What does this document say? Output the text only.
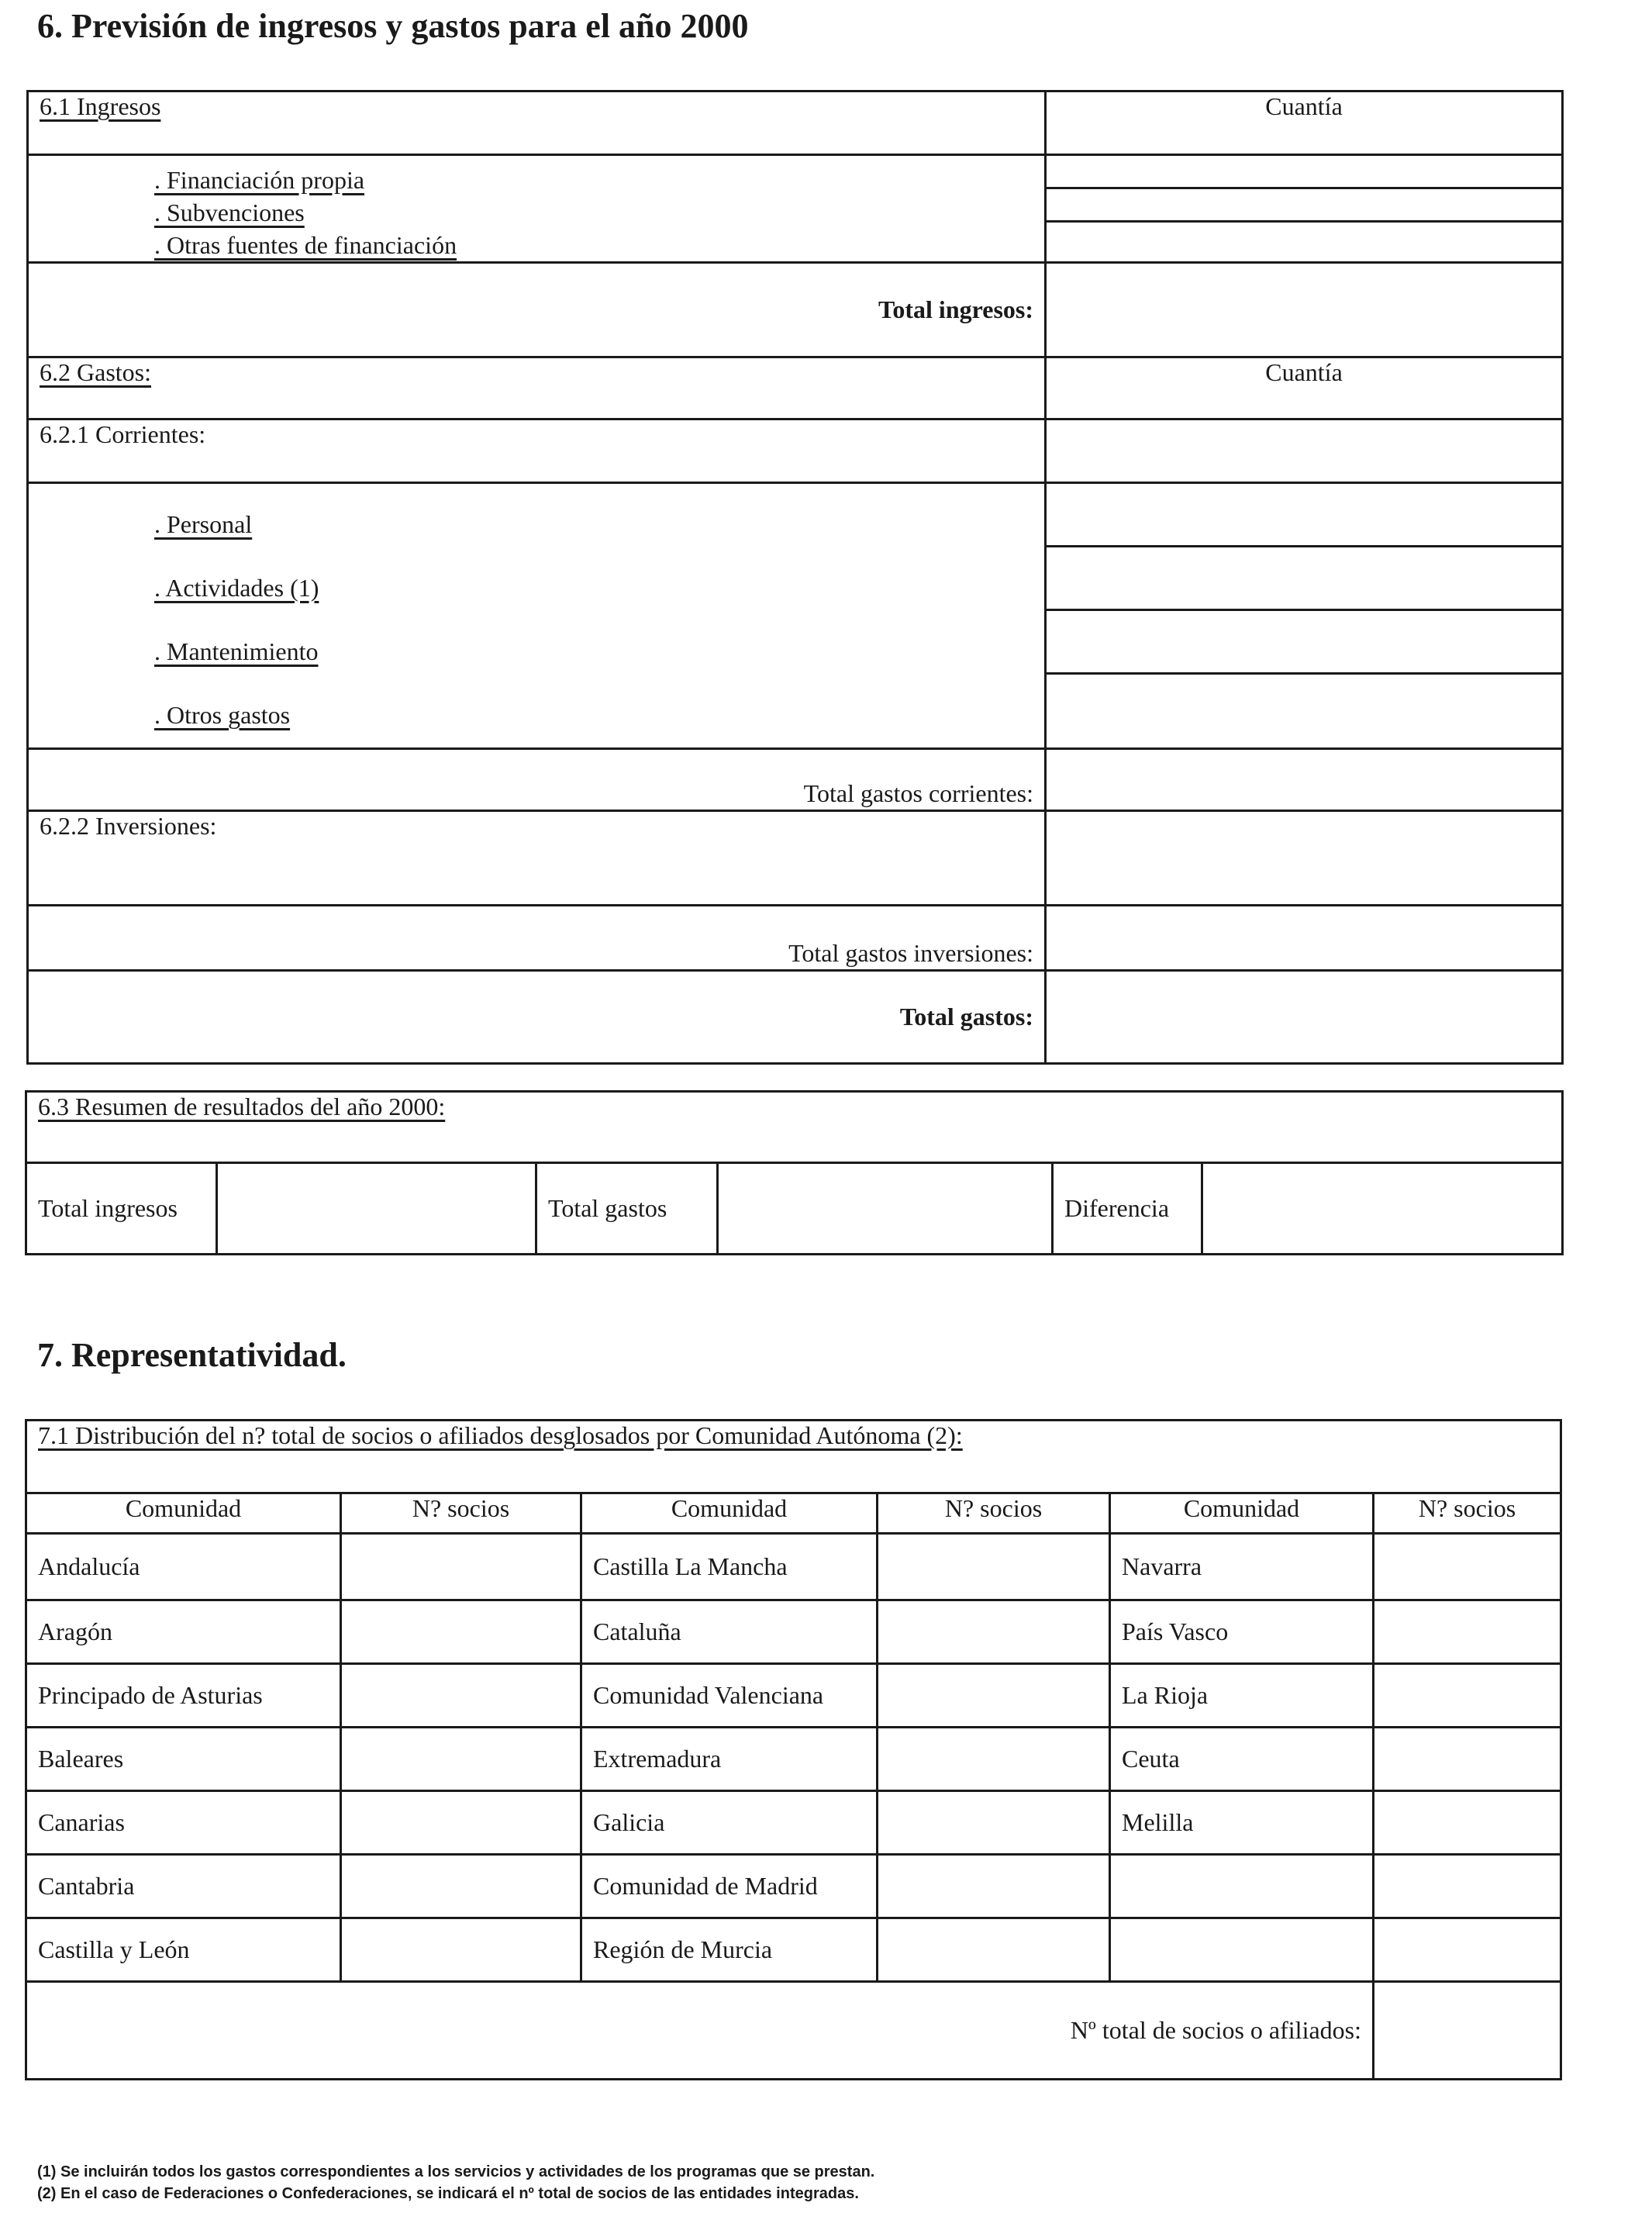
6. Previsión de ingresos y gastos para el año 2000
6.1 Ingresos	Cuantía

. Financiación propia
. Subvenciones
. Otras fuentes de financiación	

Total ingresos:	
6.2 Gastos:	Cuantía
6.2.1 Corrientes:	

. Personal
. Actividades (1)
. Mantenimiento
. Otros gastos	

Total gastos corrientes:	
6.2.2 Inversiones:	
Total gastos inversiones:	
Total gastos:	
6.3 Resumen de resultados del año 2000:
Total ingresos		Total gastos		Diferencia	
7. Representatividad.
7.1 Distribución del n? total de socios o afiliados desglosados por Comunidad Autónoma (2):					
Comunidad	N? socios	Comunidad	N? socios	Comunidad	N? socios
Andalucía		Castilla La Mancha		Navarra	
Aragón		Cataluña		País Vasco	
Principado de Asturias		Comunidad Valenciana		La Rioja	
Baleares		Extremadura		Ceuta	
Canarias		Galicia		Melilla	
Cantabria		Comunidad de Madrid			
Castilla y León		Región de Murcia			
Nº total de socios o afiliados:					
(1) Se incluirán todos los gastos correspondientes a los servicios y actividades de los programas que se prestan.
(2) En el caso de Federaciones o Confederaciones, se indicará el nº total de socios de las entidades integradas.
